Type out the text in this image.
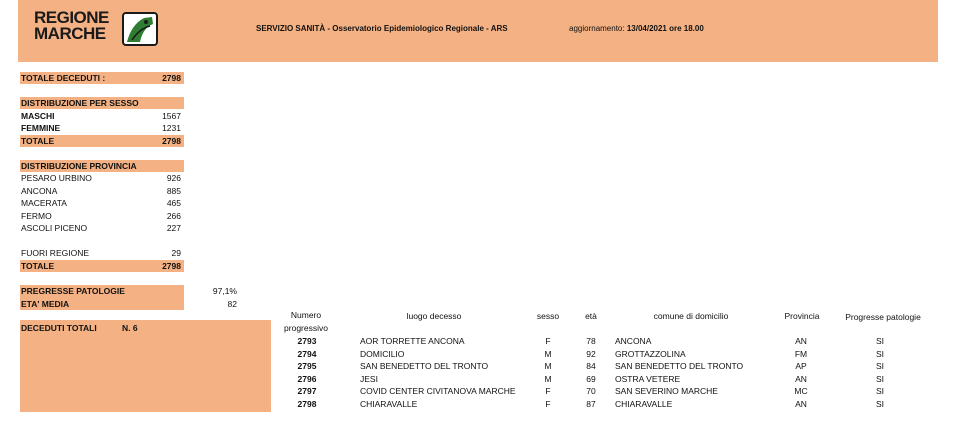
REGIONE
MARCHE	SERVIZIO SANITÀ - Osservatorio Epidemiologico Regionale - ARS	aggiornamento: 13/04/2021 ore 18.00
TOTALE DECEDUTI :	2798
DISTRIBUZIONE PER SESSO
MASCHI	1567
FEMMINE	1231
TOTALE	2798
DISTRIBUZIONE PROVINCIA
PESARO URBINO	926
ANCONA	885
MACERATA	465
FERMO	266
ASCOLI PICENO	227
FUORI REGIONE	29
TOTALE	2798
PREGRESSE PATOLOGIE	97,1%
ETA' MEDIA	82
DECEDUTI TOTALI	N. 6
Numero
progressivo
luogo decesso	sesso	età	comune di domicilio	Provincia	Progresse patologie
2793	AOR TORRETTE ANCONA	F	78	ANCONA	AN	SI
2794	DOMICILIO	M	92	GROTTAZZOLINA	FM	SI
2795	SAN BENEDETTO DEL TRONTO	M	84	SAN BENEDETTO DEL TRONTO	AP	SI
2796	JESI	M	69	OSTRA VETERE	AN	SI
2797	COVID CENTER CIVITANOVA MARCHE	F	70	SAN SEVERINO MARCHE	MC	SI
2798	CHIARAVALLE	F	87	CHIARAVALLE	AN	SI
